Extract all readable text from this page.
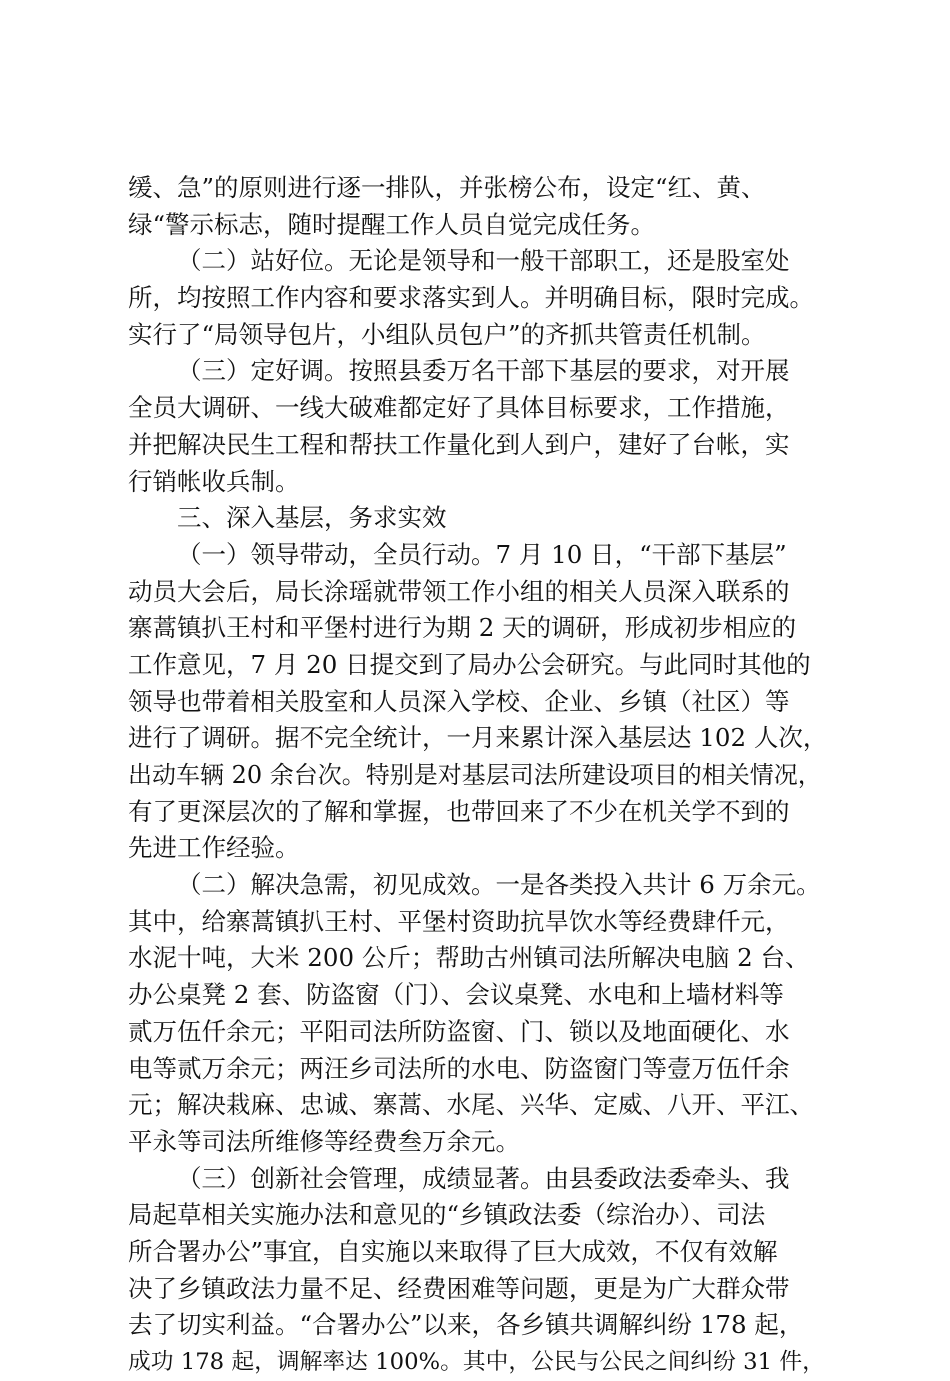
缓、急”的原则进行逐一排队，并张榜公布，设定“红、黄、
绿“警示标志，随时提醒工作人员自觉完成任务。
（二）站好位。无论是领导和一般干部职工，还是股室处
所，均按照工作内容和要求落实到人。并明确目标，限时完成。
实行了“局领导包片，小组队员包户”的齐抓共管责任机制。
（三）定好调。按照县委万名干部下基层的要求，对开展
全员大调研、一线大破难都定好了具体目标要求，工作措施，
并把解决民生工程和帮扶工作量化到人到户，建好了台帐，实
行销帐收兵制。
三、深入基层，务求实效
（一）领导带动，全员行动。7 月 10 日，“干部下基层”
动员大会后，局长涂瑶就带领工作小组的相关人员深入联系的
寨蒿镇扒王村和平堡村进行为期 2 天的调研，形成初步相应的
工作意见，7 月 20 日提交到了局办公会研究。与此同时其他的
领导也带着相关股室和人员深入学校、企业、乡镇（社区）等
进行了调研。据不完全统计，一月来累计深入基层达 102 人次，
出动车辆 20 余台次。特别是对基层司法所建设项目的相关情况，
有了更深层次的了解和掌握，也带回来了不少在机关学不到的
先进工作经验。
（二）解决急需，初见成效。一是各类投入共计 6 万余元。
其中，给寨蒿镇扒王村、平堡村资助抗旱饮水等经费肆仟元，
水泥十吨，大米 200 公斤；帮助古州镇司法所解决电脑 2 台、
办公桌凳 2 套、防盗窗（门）、会议桌凳、水电和上墙材料等
贰万伍仟余元；平阳司法所防盗窗、门、锁以及地面硬化、水
电等贰万余元；两汪乡司法所的水电、防盗窗门等壹万伍仟余
元；解决栽麻、忠诚、寨蒿、水尾、兴华、定威、八开、平江、
平永等司法所维修等经费叁万余元。
（三）创新社会管理，成绩显著。由县委政法委牵头、我
局起草相关实施办法和意见的“乡镇政法委（综治办）、司法
所合署办公”事宜，自实施以来取得了巨大成效，不仅有效解
决了乡镇政法力量不足、经费困难等问题，更是为广大群众带
去了切实利益。“合署办公”以来，各乡镇共调解纠纷 178 起，
成功 178 起，调解率达 100%。其中，公民与公民之间纠纷 31 件，
